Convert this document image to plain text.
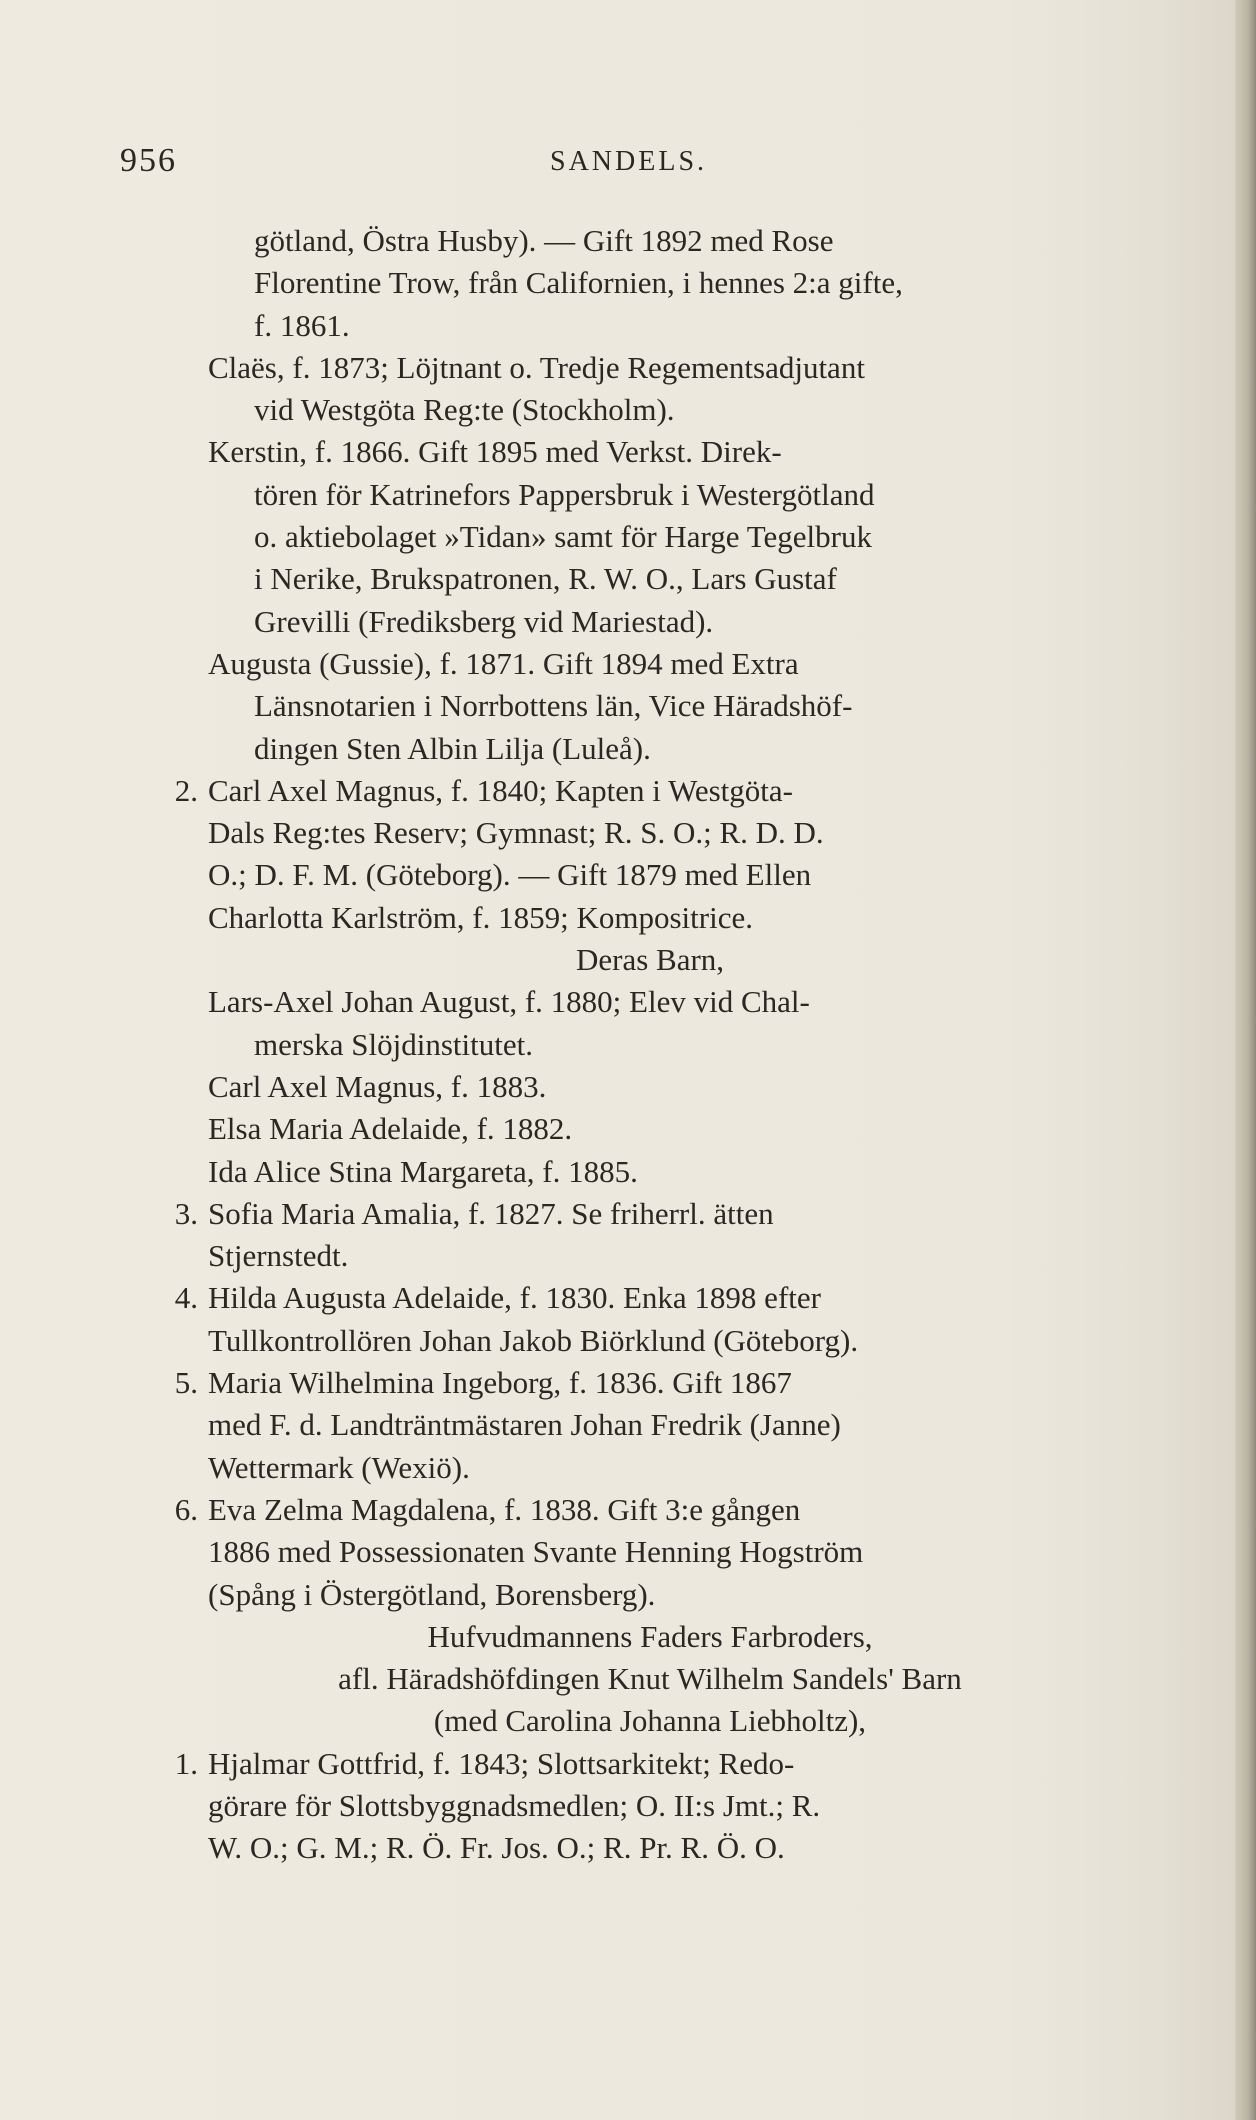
956	SANDELS.
götland, Östra Husby). — Gift 1892 med Rose
Florentine Trow, från Californien, i hennes 2:a gifte,
f. 1861.
Claës, f. 1873; Löjtnant o. Tredje Regementsadjutant
vid Westgöta Reg:te (Stockholm).
Kerstin, f. 1866. Gift 1895 med Verkst. Direk-
tören för Katrinefors Pappersbruk i Westergötland
o. aktiebolaget »Tidan» samt för Harge Tegelbruk
i Nerike, Brukspatronen, R. W. O., Lars Gustaf
Grevilli (Frediksberg vid Mariestad).
Augusta (Gussie), f. 1871. Gift 1894 med Extra
Länsnotarien i Norrbottens län, Vice Häradshöf-
dingen Sten Albin Lilja (Luleå).
2. Carl Axel Magnus, f. 1840; Kapten i Westgöta-
Dals Reg:tes Reserv; Gymnast; R. S. O.; R. D. D.
O.; D. F. M. (Göteborg). — Gift 1879 med Ellen
Charlotta Karlström, f. 1859; Kompositrice.
Deras Barn,
Lars-Axel Johan August, f. 1880; Elev vid Chal-
merska Slöjdinstitutet.
Carl Axel Magnus, f. 1883.
Elsa Maria Adelaide, f. 1882.
Ida Alice Stina Margareta, f. 1885.
3. Sofia Maria Amalia, f. 1827. Se friherrl. ätten
Stjernstedt.
4. Hilda Augusta Adelaide, f. 1830. Enka 1898 efter
Tullkontrollören Johan Jakob Biörklund (Göteborg).
5. Maria Wilhelmina Ingeborg, f. 1836. Gift 1867
med F. d. Landträntmästaren Johan Fredrik (Janne)
Wettermark (Wexiö).
6. Eva Zelma Magdalena, f. 1838. Gift 3:e gången
1886 med Possessionaten Svante Henning Hogström
(Spång i Östergötland, Borensberg).
Hufvudmannens Faders Farbroders,
afl. Häradshöfdingen Knut Wilhelm Sandels' Barn
(med Carolina Johanna Liebholtz),
1. Hjalmar Gottfrid, f. 1843; Slottsarkitekt; Redo-
görare för Slottsbyggnadsmedlen; O. II:s Jmt.; R.
W. O.; G. M.; R. Ö. Fr. Jos. O.; R. Pr. R. Ö. O.
